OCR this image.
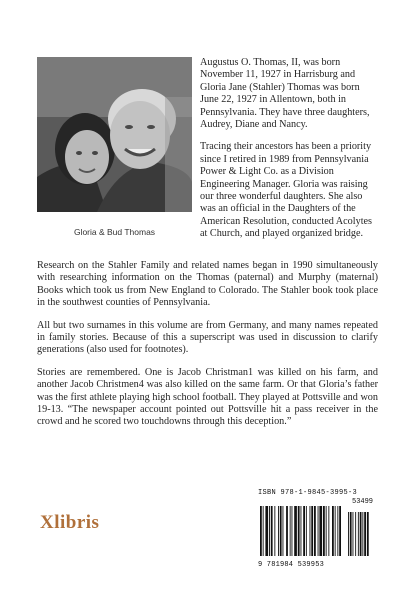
Gloria & Bud Thomas

Augustus O. Thomas, II, was born November 11, 1927 in Harrisburg and Gloria Jane (Stahler) Thomas was born June 22, 1927 in Allentown, both in Pennsylvania. They have three daughters, Audrey, Diane and Nancy.

Tracing their ancestors has been a priority since I retired in 1989 from Pennsylvania Power & Light Co. as a Division Engineering Manager. Gloria was raising our three wonderful daughters. She also was an official in the Daughters of the American Resolution, conducted Acolytes at Church, and played organized bridge.

Research on the Stahler Family and related names began in 1990 simultaneously with researching information on the Thomas (paternal) and Murphy (maternal) Books which took us from New England to Colorado. The Stahler book took place in the southwest counties of Pennsylvania.

All but two surnames in this volume are from Germany, and many names repeated in family stories. Because of this a superscript was used in discussion to clarify generations (also used for footnotes).

Stories are remembered. One is Jacob Christman1 was killed on his farm, and another Jacob Christmen4 was also killed on the same farm. Or that Gloria’s father was the first athlete playing high school football. They played at Pottsville and won 19-13. “The newspaper account pointed out Pottsville hit a pass receiver in the crowd and he scored two touchdowns through this deception.”

Xlibris
ISBN 978-1-9845-3995-3
53499
9 781984 539953
